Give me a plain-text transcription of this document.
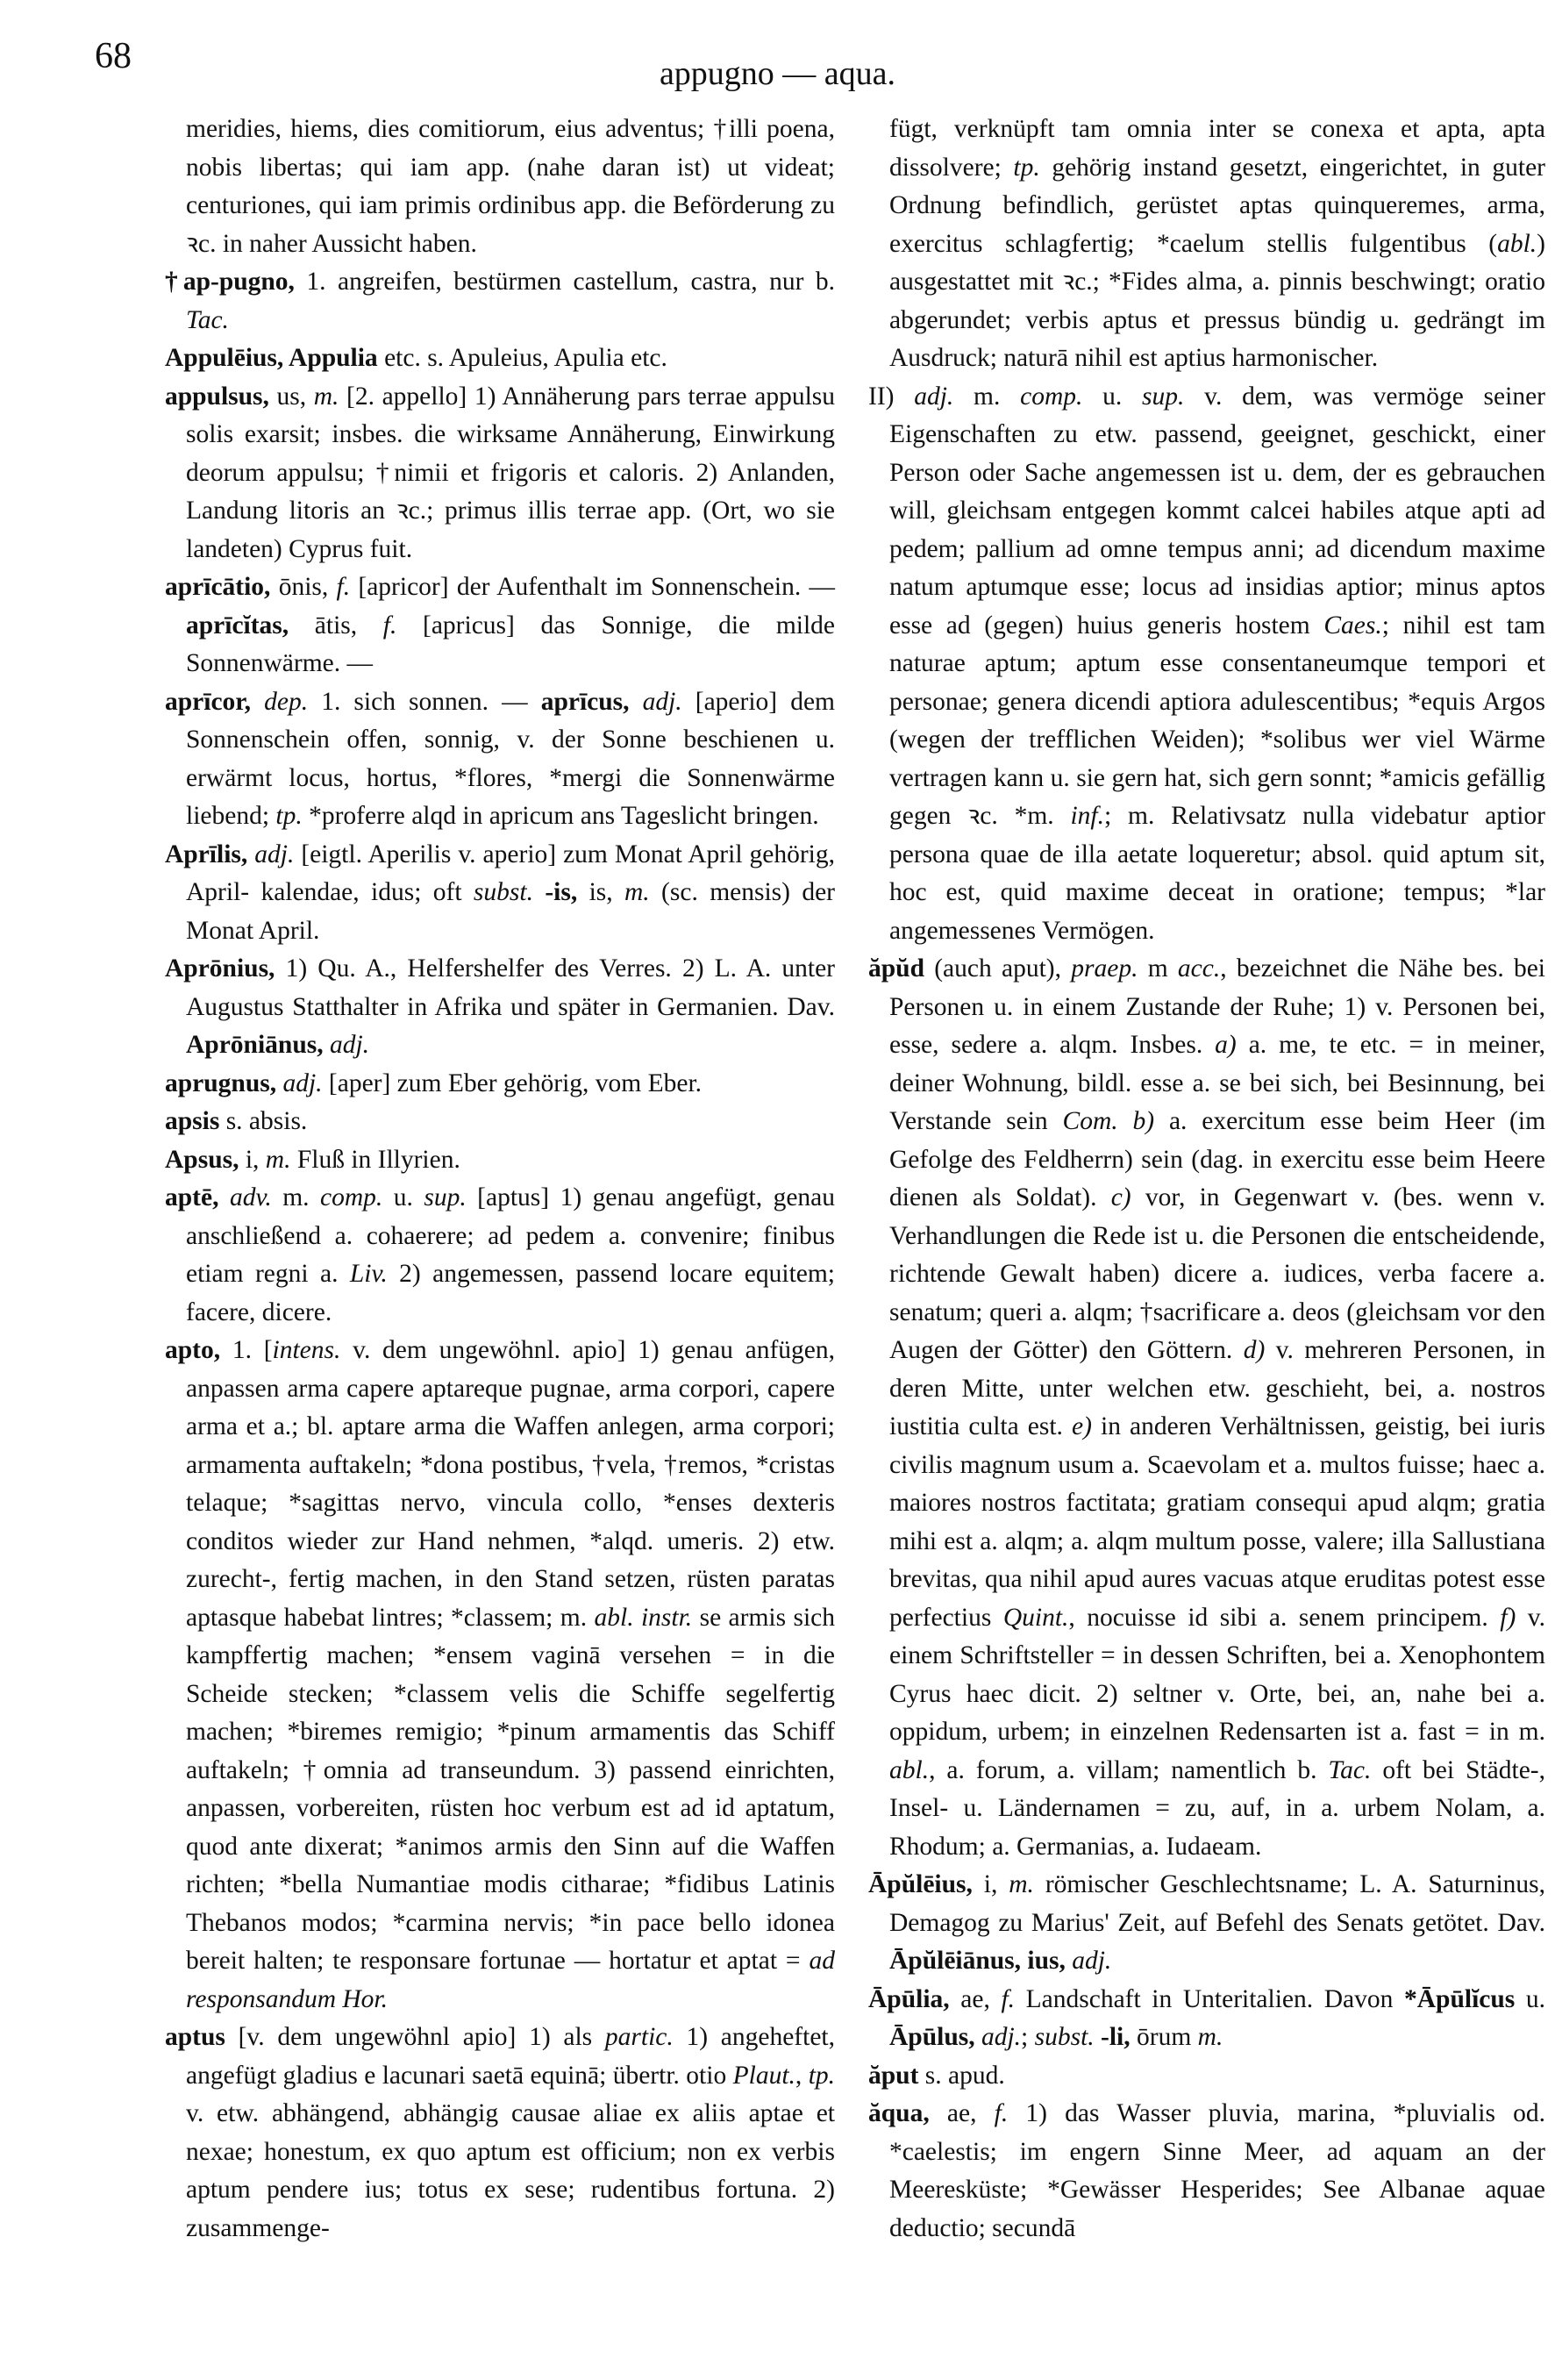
68	appugno — aqua.

meridies, hiems, dies comitiorum, eius adventus; †illi poena, nobis libertas; qui iam app. (nahe daran ist) ut videat; centuriones, qui iam primis ordinibus app. die Beförderung zu ꝛc. in naher Aussicht haben.

†ap-pugno, 1. angreifen, bestürmen castellum, castra, nur b. Tac.

Appulēius, Appulia etc. s. Apuleius, Apulia etc.

appulsus, us, m. [2. appello] 1) Annäherung pars terrae appulsu solis exarsit; insbes. die wirksame Annäherung, Einwirkung deorum appulsu; †nimii et frigoris et caloris. 2) Anlanden, Landung litoris an ꝛc.; primus illis terrae app. (Ort, wo sie landeten) Cyprus fuit.

aprīcātio, ōnis, f. [apricor] der Aufenthalt im Sonnenschein. — aprīcĭtas, ātis, f. [apricus] das Sonnige, die milde Sonnenwärme. —

aprīcor, dep. 1. sich sonnen. — aprīcus, adj. [aperio] dem Sonnenschein offen, sonnig, v. der Sonne beschienen u. erwärmt locus, hortus, *flores, *mergi die Sonnenwärme liebend; tp. *proferre alqd in apricum ans Tageslicht bringen.

Aprīlis, adj. [eigtl. Aperilis v. aperio] zum Monat April gehörig, April- kalendae, idus; oft subst. -is, is, m. (sc. mensis) der Monat April.

Aprōnius, 1) Qu. A., Helfershelfer des Verres. 2) L. A. unter Augustus Statthalter in Afrika und später in Germanien. Dav. Aprōniānus, adj.

aprugnus, adj. [aper] zum Eber gehörig, vom Eber.

apsis s. absis.

Apsus, i, m. Fluß in Illyrien.

aptē, adv. m. comp. u. sup. [aptus] 1) genau angefügt, genau anschließend a. cohaerere; ad pedem a. convenire; finibus etiam regni a. Liv. 2) angemessen, passend locare equitem; facere, dicere.

apto, 1. [intens. v. dem ungewöhnl. apio] 1) genau anfügen, anpassen arma capere aptareque pugnae, arma corpori, capere arma et a.; bl. aptare arma die Waffen anlegen, arma corpori; armamenta auftakeln; *dona postibus, †vela, †remos, *cristas telaque; *sagittas nervo, vincula collo, *enses dexteris conditos wieder zur Hand nehmen, *alqd. umeris. 2) etw. zurecht-, fertig machen, in den Stand setzen, rüsten paratas aptasque habebat lintres; *classem; m. abl. instr. se armis sich kampffertig machen; *ensem vaginā versehen = in die Scheide stecken; *classem velis die Schiffe segelfertig machen; *biremes remigio; *pinum armamentis das Schiff auftakeln; †omnia ad transeundum. 3) passend einrichten, anpassen, vorbereiten, rüsten hoc verbum est ad id aptatum, quod ante dixerat; *animos armis den Sinn auf die Waffen richten; *bella Numantiae modis citharae; *fidibus Latinis Thebanos modos; *carmina nervis; *in pace bello idonea bereit halten; te responsare fortunae — hortatur et aptat = ad responsandum Hor.

aptus [v. dem ungewöhnl apio] 1) als partic. 1) angeheftet, angefügt gladius e lacunari saetā equinā; übertr. otio Plaut., tp. v. etw. abhängend, abhängig causae aliae ex aliis aptae et nexae; honestum, ex quo aptum est officium; non ex verbis aptum pendere ius; totus ex sese; rudentibus fortuna. 2) zusammenge-

fügt, verknüpft tam omnia inter se conexa et apta, apta dissolvere; tp. gehörig instand gesetzt, eingerichtet, in guter Ordnung befindlich, gerüstet aptas quinqueremes, arma, exercitus schlagfertig; *caelum stellis fulgentibus (abl.) ausgestattet mit ꝛc.; *Fides alma, a. pinnis beschwingt; oratio abgerundet; verbis aptus et pressus bündig u. gedrängt im Ausdruck; naturā nihil est aptius harmonischer.

II) adj. m. comp. u. sup. v. dem, was vermöge seiner Eigenschaften zu etw. passend, geeignet, geschickt, einer Person oder Sache angemessen ist u. dem, der es gebrauchen will, gleichsam entgegen kommt calcei habiles atque apti ad pedem; pallium ad omne tempus anni; ad dicendum maxime natum aptumque esse; locus ad insidias aptior; minus aptos esse ad (gegen) huius generis hostem Caes.; nihil est tam naturae aptum; aptum esse consentaneumque tempori et personae; genera dicendi aptiora adulescentibus; *equis Argos (wegen der trefflichen Weiden); *solibus wer viel Wärme vertragen kann u. sie gern hat, sich gern sonnt; *amicis gefällig gegen ꝛc. *m. inf.; m. Relativsatz nulla videbatur aptior persona quae de illa aetate loqueretur; absol. quid aptum sit, hoc est, quid maxime deceat in oratione; tempus; *lar angemessenes Vermögen.

ăpŭd (auch aput), praep. m acc., bezeichnet die Nähe bes. bei Personen u. in einem Zustande der Ruhe; 1) v. Personen bei, esse, sedere a. alqm. Insbes. a) a. me, te etc. = in meiner, deiner Wohnung, bildl. esse a. se bei sich, bei Besinnung, bei Verstande sein Com. b) a. exercitum esse beim Heer (im Gefolge des Feldherrn) sein (dag. in exercitu esse beim Heere dienen als Soldat). c) vor, in Gegenwart v. (bes. wenn v. Verhandlungen die Rede ist u. die Personen die entscheidende, richtende Gewalt haben) dicere a. iudices, verba facere a. senatum; queri a. alqm; †sacrificare a. deos (gleichsam vor den Augen der Götter) den Göttern. d) v. mehreren Personen, in deren Mitte, unter welchen etw. geschieht, bei, a. nostros iustitia culta est. e) in anderen Verhältnissen, geistig, bei iuris civilis magnum usum a. Scaevolam et a. multos fuisse; haec a. maiores nostros factitata; gratiam consequi apud alqm; gratia mihi est a. alqm; a. alqm multum posse, valere; illa Sallustiana brevitas, qua nihil apud aures vacuas atque eruditas potest esse perfectius Quint., nocuisse id sibi a. senem principem. f) v. einem Schriftsteller = in dessen Schriften, bei a. Xenophontem Cyrus haec dicit. 2) seltner v. Orte, bei, an, nahe bei a. oppidum, urbem; in einzelnen Redensarten ist a. fast = in m. abl., a. forum, a. villam; namentlich b. Tac. oft bei Städte-, Insel- u. Ländernamen = zu, auf, in a. urbem Nolam, a. Rhodum; a. Germanias, a. Iudaeam.

Āpŭlēius, i, m. römischer Geschlechtsname; L. A. Saturninus, Demagog zu Marius' Zeit, auf Befehl des Senats getötet. Dav. Āpŭlēiānus, ius, adj.

Āpūlia, ae, f. Landschaft in Unteritalien. Davon *Āpūlĭcus u. Āpūlus, adj.; subst. -li, ōrum m.

ăput s. apud.

ăqua, ae, f. 1) das Wasser pluvia, marina, *pluvialis od. *caelestis; im engern Sinne Meer, ad aquam an der Meeresküste; *Gewässer Hesperides; See Albanae aquae deductio; secundā
